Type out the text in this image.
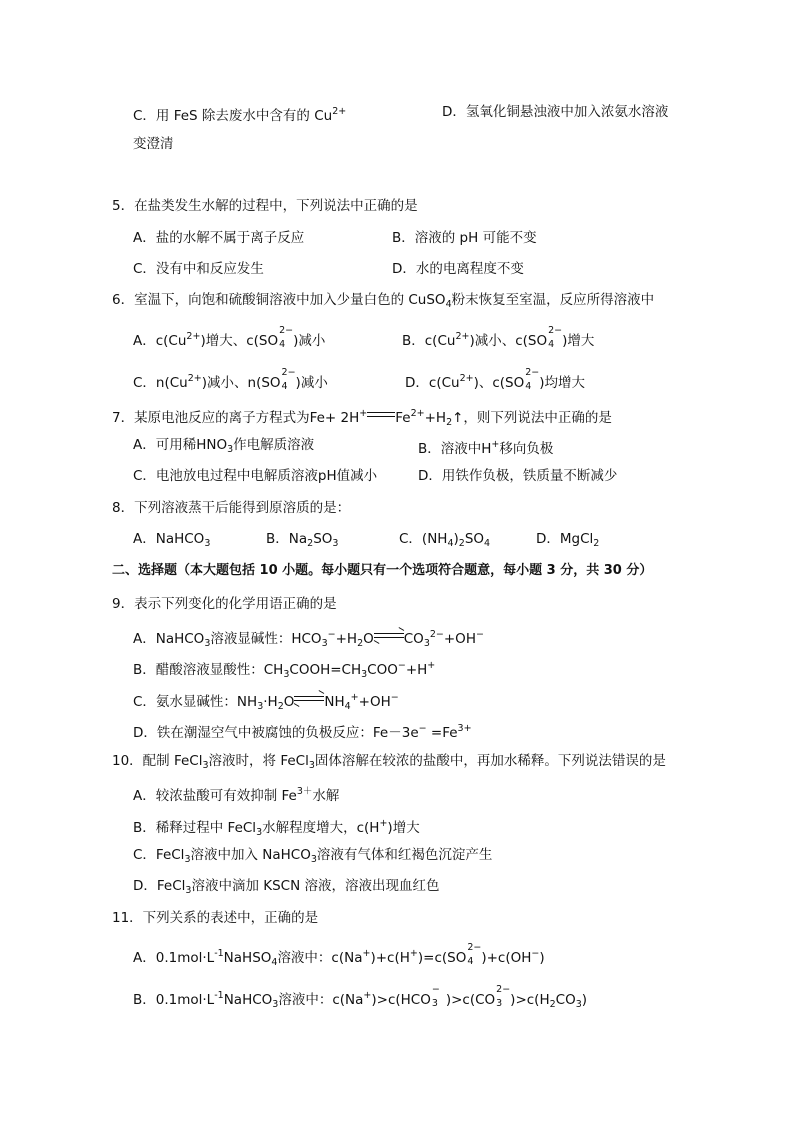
C．用 FeS 除去废水中含有的 $Cu^{2+}$	D．氢氧化铜悬浊液中加入浓氨水溶液
变澄清
5．在盐类发生水解的过程中，下列说法中正确的是
A．盐的水解不属于离子反应	B．溶液的 pH 可能不变
C．没有中和反应发生	D．水的电离程度不变
6．室温下，向饱和硫酸铜溶液中加入少量白色的 CuSO$_4$粉末恢复至室温，反应所得溶液中
A．$c(Cu^{2+})$增大、c(SO
2−
4 )减小	B．$c(Cu^{2+})$减小、c(SO
2−
4 )增大
C．$n(Cu^{2+})$减小、n(SO
2−
4 )减小	D．$c(Cu^{2+})$、c(SO
2−
4 )均增大
7．某原电池反应的离子方程式为Fe+ 2H+ $Fe^{2+}+H_2↑$，则下列说法中正确的是
A．可用稀$HNO_3$作电解质溶液	B．溶液中H+移向负极
C．电池放电过程中电解质溶液pH值减小	D．用铁作负极，铁质量不断减少
8．下列溶液蒸干后能得到原溶质的是：
A．NaHCO$_3$	B．$Na_2SO_3$	C．$(NH_4)_2SO_4$	D．MgCl$_2$
二、选择题（本大题包括 10 小题。每小题只有一个选项符合题意，每小题 3 分，共 30 分）
9．表示下列变化的化学用语正确的是
A．NaHCO$_3$溶液显碱性：$HCO_3^-+H_2O$ $CO_3^{2-}+OH^-$
B．醋酸溶液显酸性：$CH_3COOH=CH_3COO^-+H^+$
C．氨水显碱性：$NH_3\cdot H_2O$ $NH_4^++OH^-$
D．铁在潮湿空气中被腐蚀的负极反应：$Fe-3e^- =Fe^{3+}$
10．配制 FeCl$_3$溶液时，将 FeCl$_3$固体溶解在较浓的盐酸中，再加水稀释。下列说法错误的是
A．较浓盐酸可有效抑制 $Fe^{3+}$水解
B．稀释过程中 FeCl$_3$水解程度增大，c(H+)增大
C．FeCl$_3$溶液中加入 NaHCO$_3$溶液有气体和红褐色沉淀产生
D．FeCl$_3$溶液中滴加 KSCN 溶液，溶液出现血红色
11．下列关系的表述中，正确的是
A．$0.1mol\cdot L^{-1}NaHSO_4$溶液中：c(Na+)+c(H+)=c(SO
2−
4 )+c(OH−)
B．$0.1mol\cdot L^{-1}NaHCO_3$溶液中：c(Na+)>c(HCO
−
3 )>c(CO
2−
3 )$>c(H_2CO_3)$
